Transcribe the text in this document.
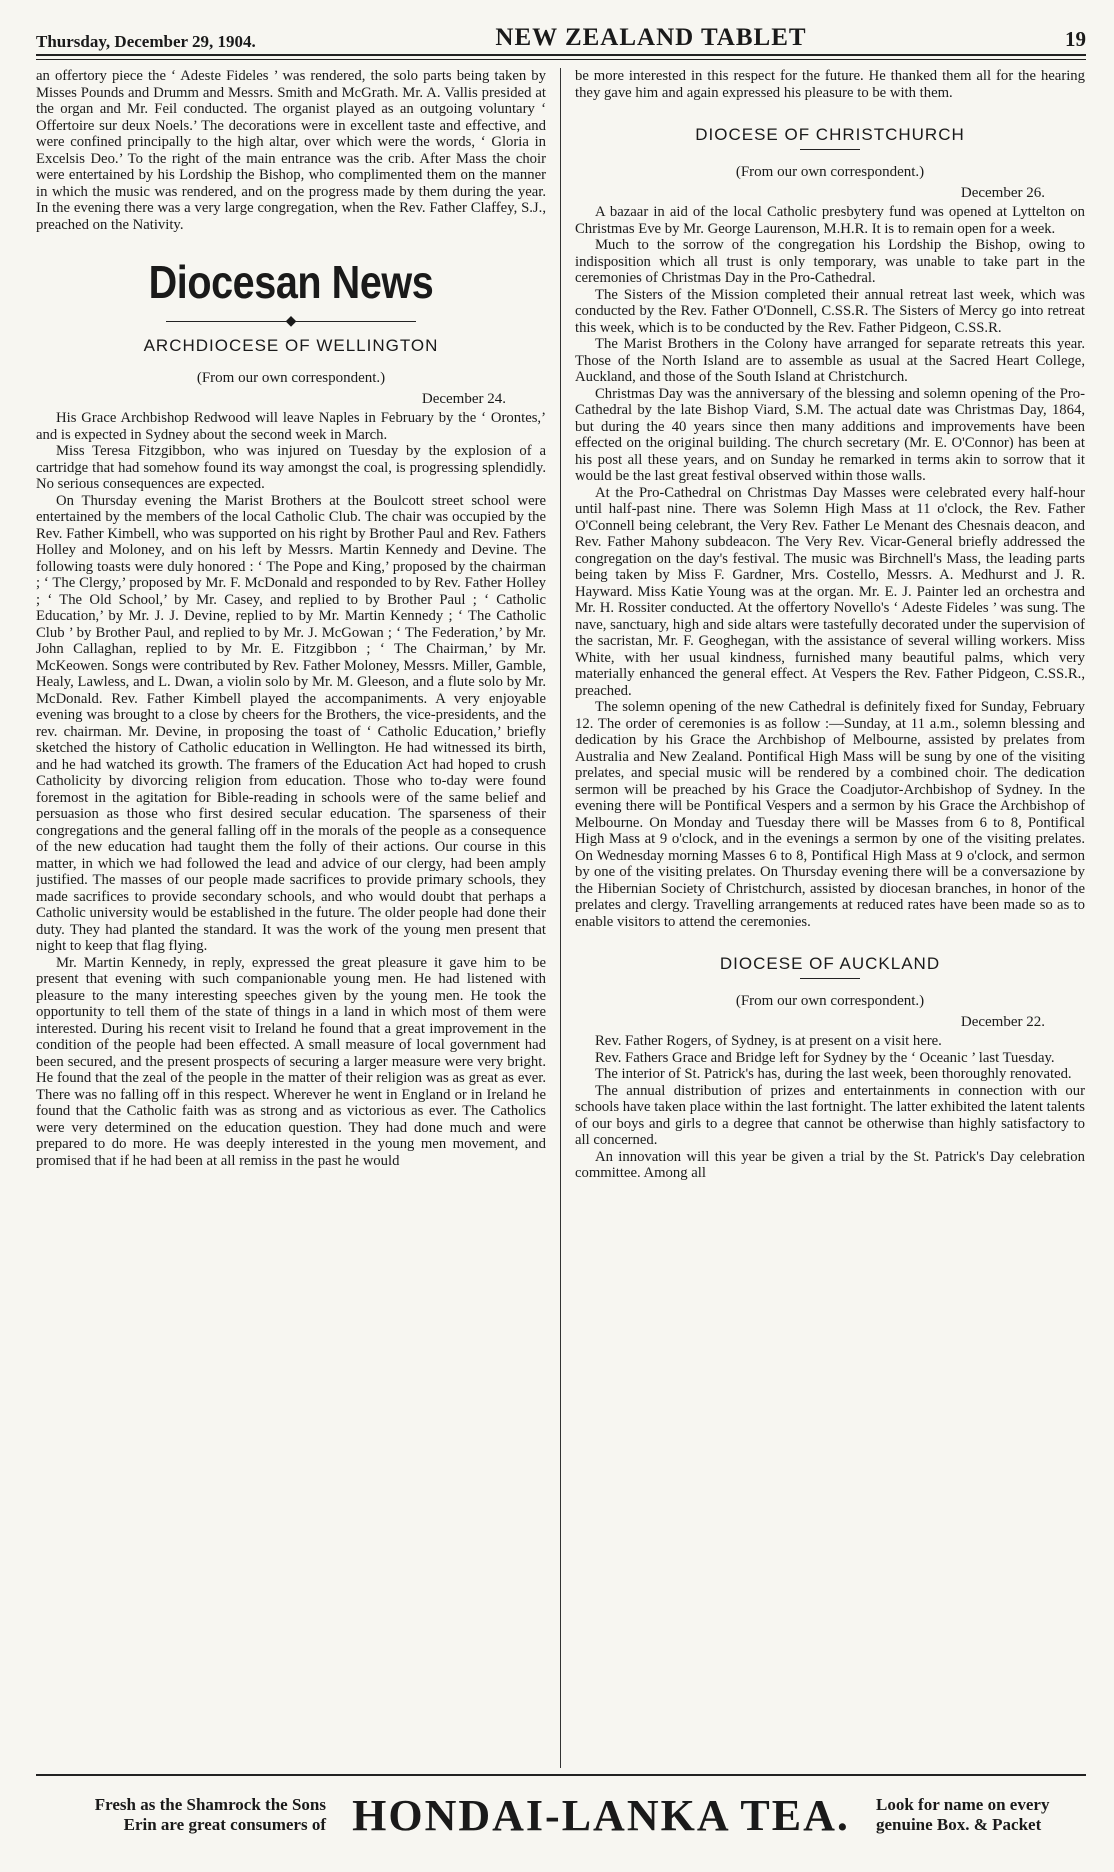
Thursday, December 29, 1904.	NEW ZEALAND TABLET	19

an offertory piece the ‘ Adeste Fideles ’ was rendered, the solo parts being taken by Misses Pounds and Drumm and Messrs. Smith and McGrath. Mr. A. Vallis presided at the organ and Mr. Feil conducted. The organist played as an outgoing voluntary ‘ Offertoire sur deux Noels.’ The decorations were in excellent taste and effective, and were confined principally to the high altar, over which were the words, ‘ Gloria in Excelsis Deo.’ To the right of the main entrance was the crib. After Mass the choir were entertained by his Lordship the Bishop, who complimented them on the manner in which the music was rendered, and on the progress made by them during the year. In the evening there was a very large congregation, when the Rev. Father Claffey, S.J., preached on the Nativity.

Diocesan News
◆
ARCHDIOCESE OF WELLINGTON
(From our own correspondent.)
December 24.

His Grace Archbishop Redwood will leave Naples in February by the ‘ Orontes,’ and is expected in Sydney about the second week in March.

Miss Teresa Fitzgibbon, who was injured on Tuesday by the explosion of a cartridge that had somehow found its way amongst the coal, is progressing splendidly. No serious consequences are expected.

On Thursday evening the Marist Brothers at the Boulcott street school were entertained by the members of the local Catholic Club. The chair was occupied by the Rev. Father Kimbell, who was supported on his right by Brother Paul and Rev. Fathers Holley and Moloney, and on his left by Messrs. Martin Kennedy and Devine. The following toasts were duly honored : ‘ The Pope and King,’ proposed by the chairman ; ‘ The Clergy,’ proposed by Mr. F. McDonald and responded to by Rev. Father Holley ; ‘ The Old School,’ by Mr. Casey, and replied to by Brother Paul ; ‘ Catholic Education,’ by Mr. J. J. Devine, replied to by Mr. Martin Kennedy ; ‘ The Catholic Club ’ by Brother Paul, and replied to by Mr. J. McGowan ; ‘ The Federation,’ by Mr. John Callaghan, replied to by Mr. E. Fitzgibbon ; ‘ The Chairman,’ by Mr. McKeowen. Songs were contributed by Rev. Father Moloney, Messrs. Miller, Gamble, Healy, Lawless, and L. Dwan, a violin solo by Mr. M. Gleeson, and a flute solo by Mr. McDonald. Rev. Father Kimbell played the accompaniments. A very enjoyable evening was brought to a close by cheers for the Brothers, the vice-presidents, and the rev. chairman. Mr. Devine, in proposing the toast of ‘ Catholic Education,’ briefly sketched the history of Catholic education in Wellington. He had witnessed its birth, and he had watched its growth. The framers of the Education Act had hoped to crush Catholicity by divorcing religion from education. Those who to-day were found foremost in the agitation for Bible-reading in schools were of the same belief and persuasion as those who first desired secular education. The sparseness of their congregations and the general falling off in the morals of the people as a consequence of the new education had taught them the folly of their actions. Our course in this matter, in which we had followed the lead and advice of our clergy, had been amply justified. The masses of our people made sacrifices to provide primary schools, they made sacrifices to provide secondary schools, and who would doubt that perhaps a Catholic university would be established in the future. The older people had done their duty. They had planted the standard. It was the work of the young men present that night to keep that flag flying.

Mr. Martin Kennedy, in reply, expressed the great pleasure it gave him to be present that evening with such companionable young men. He had listened with pleasure to the many interesting speeches given by the young men. He took the opportunity to tell them of the state of things in a land in which most of them were interested. During his recent visit to Ireland he found that a great improvement in the condition of the people had been effected. A small measure of local government had been secured, and the present prospects of securing a larger measure were very bright. He found that the zeal of the people in the matter of their religion was as great as ever. There was no falling off in this respect. Wherever he went in England or in Ireland he found that the Catholic faith was as strong and as victorious as ever. The Catholics were very determined on the education question. They had done much and were prepared to do more. He was deeply interested in the young men movement, and promised that if he had been at all remiss in the past he would

be more interested in this respect for the future. He thanked them all for the hearing they gave him and again expressed his pleasure to be with them.

DIOCESE OF CHRISTCHURCH
(From our own correspondent.)
December 26.

A bazaar in aid of the local Catholic presbytery fund was opened at Lyttelton on Christmas Eve by Mr. George Laurenson, M.H.R. It is to remain open for a week.

Much to the sorrow of the congregation his Lordship the Bishop, owing to indisposition which all trust is only temporary, was unable to take part in the ceremonies of Christmas Day in the Pro-Cathedral.

The Sisters of the Mission completed their annual retreat last week, which was conducted by the Rev. Father O'Donnell, C.SS.R. The Sisters of Mercy go into retreat this week, which is to be conducted by the Rev. Father Pidgeon, C.SS.R.

The Marist Brothers in the Colony have arranged for separate retreats this year. Those of the North Island are to assemble as usual at the Sacred Heart College, Auckland, and those of the South Island at Christchurch.

Christmas Day was the anniversary of the blessing and solemn opening of the Pro-Cathedral by the late Bishop Viard, S.M. The actual date was Christmas Day, 1864, but during the 40 years since then many additions and improvements have been effected on the original building. The church secretary (Mr. E. O'Connor) has been at his post all these years, and on Sunday he remarked in terms akin to sorrow that it would be the last great festival observed within those walls.

At the Pro-Cathedral on Christmas Day Masses were celebrated every half-hour until half-past nine. There was Solemn High Mass at 11 o'clock, the Rev. Father O'Connell being celebrant, the Very Rev. Father Le Menant des Chesnais deacon, and Rev. Father Mahony subdeacon. The Very Rev. Vicar-General briefly addressed the congregation on the day's festival. The music was Birchnell's Mass, the leading parts being taken by Miss F. Gardner, Mrs. Costello, Messrs. A. Medhurst and J. R. Hayward. Miss Katie Young was at the organ. Mr. E. J. Painter led an orchestra and Mr. H. Rossiter conducted. At the offertory Novello's ‘ Adeste Fideles ’ was sung. The nave, sanctuary, high and side altars were tastefully decorated under the supervision of the sacristan, Mr. F. Geoghegan, with the assistance of several willing workers. Miss White, with her usual kindness, furnished many beautiful palms, which very materially enhanced the general effect. At Vespers the Rev. Father Pidgeon, C.SS.R., preached.

The solemn opening of the new Cathedral is definitely fixed for Sunday, February 12. The order of ceremonies is as follow :—Sunday, at 11 a.m., solemn blessing and dedication by his Grace the Archbishop of Melbourne, assisted by prelates from Australia and New Zealand. Pontifical High Mass will be sung by one of the visiting prelates, and special music will be rendered by a combined choir. The dedication sermon will be preached by his Grace the Coadjutor-Archbishop of Sydney. In the evening there will be Pontifical Vespers and a sermon by his Grace the Archbishop of Melbourne. On Monday and Tuesday there will be Masses from 6 to 8, Pontifical High Mass at 9 o'clock, and in the evenings a sermon by one of the visiting prelates. On Wednesday morning Masses 6 to 8, Pontifical High Mass at 9 o'clock, and sermon by one of the visiting prelates. On Thursday evening there will be a conversazione by the Hibernian Society of Christchurch, assisted by diocesan branches, in honor of the prelates and clergy. Travelling arrangements at reduced rates have been made so as to enable visitors to attend the ceremonies.

DIOCESE OF AUCKLAND
(From our own correspondent.)
December 22.

Rev. Father Rogers, of Sydney, is at present on a visit here.

Rev. Fathers Grace and Bridge left for Sydney by the ‘ Oceanic ’ last Tuesday.

The interior of St. Patrick's has, during the last week, been thoroughly renovated.

The annual distribution of prizes and entertainments in connection with our schools have taken place within the last fortnight. The latter exhibited the latent talents of our boys and girls to a degree that cannot be otherwise than highly satisfactory to all concerned.

An innovation will this year be given a trial by the St. Patrick's Day celebration committee. Among all

Fresh as the Shamrock the Sons
Erin are great consumers of HONDAI-LANKA TEA.	Look for name on every
genuine Box. & Packet
